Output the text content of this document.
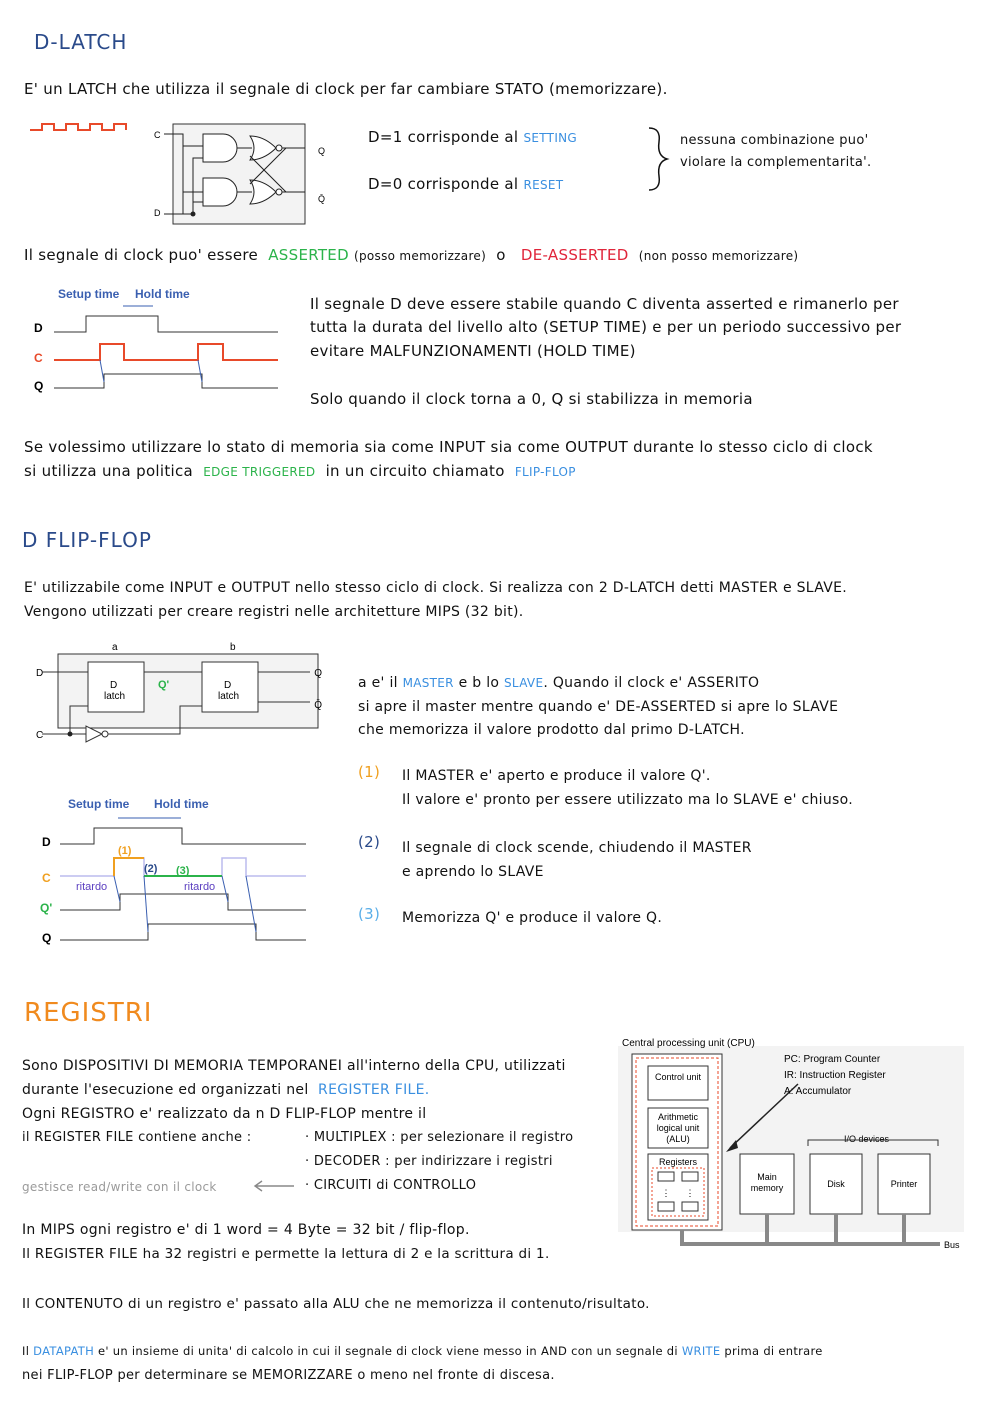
D-LATCH
E' un LATCH che utilizza il segnale di clock per far cambiare STATO (memorizzare).
C
D
Q
Q̄
D=1 corrisponde al SETTING
D=0 corrisponde al RESET
nessuna combinazione puo'
violare la complementarita'.
Il segnale di clock puo' essere ASSERTED (posso memorizzare) o DE-ASSERTED (non posso memorizzare)
Setup time Hold time
D
C
Q
Il segnale D deve essere stabile quando C diventa asserted e rimanerlo per
tutta la durata del livello alto (SETUP TIME) e per un periodo successivo per
evitare MALFUNZIONAMENTI (HOLD TIME)
Solo quando il clock torna a 0, Q si stabilizza in memoria
Se volessimo utilizzare lo stato di memoria sia come INPUT sia come OUTPUT durante lo stesso ciclo di clock
si utilizza una politica EDGE TRIGGERED in un circuito chiamato FLIP-FLOP
D FLIP-FLOP
E' utilizzabile come INPUT e OUTPUT nello stesso ciclo di clock. Si realizza con 2 D-LATCH detti MASTER e SLAVE.
Vengono utilizzati per creare registri nelle architetture MIPS (32 bit).
a	b
D
C
Q
Q̄
D
latch
D
latch
Q'	a e' il MASTER e b lo SLAVE. Quando il clock e' ASSERITO
si apre il master mentre quando e' DE-ASSERTED si apre lo SLAVE
che memorizza il valore prodotto dal primo D-LATCH.
(1) Il MASTER e' aperto e produce il valore Q'.
Il valore e' pronto per essere utilizzato ma lo SLAVE e' chiuso.
(2) Il segnale di clock scende, chiudendo il MASTER
e aprendo lo SLAVE
(3) Memorizza Q' e produce il valore Q.
Setup time Hold time
D
C
Q'
Q
(1)
(2) (3)
ritardo	ritardo
REGISTRI
Sono DISPOSITIVI DI MEMORIA TEMPORANEI all'interno della CPU, utilizzati
durante l'esecuzione ed organizzati nel REGISTER FILE.
Ogni REGISTRO e' realizzato da n D FLIP-FLOP mentre il
il REGISTER FILE contiene anche :	· MULTIPLEX : per selezionare il registro
· DECODER : per indirizzare i registri
· CIRCUITI di CONTROLLO
gestisce read/write con il clock
In MIPS ogni registro e' di 1 word = 4 Byte = 32 bit / flip-flop.
Il REGISTER FILE ha 32 registri e permette la lettura di 2 e la scrittura di 1.
Il CONTENUTO di un registro e' passato alla ALU che ne memorizza il contenuto/risultato.
Il DATAPATH e' un insieme di unita' di calcolo in cui il segnale di clock viene messo in AND con un segnale di WRITE prima di entrare
nei FLIP-FLOP per determinare se MEMORIZZARE o meno nel fronte di discesa.
Central processing unit (CPU)
Control unit
Arithmetic
logical unit
(ALU)
Registers
⋮ ⋮
PC: Program Counter
IR: Instruction Register
A: Accumulator
I/O devices
Main
memory	Disk	Printer
Bus
